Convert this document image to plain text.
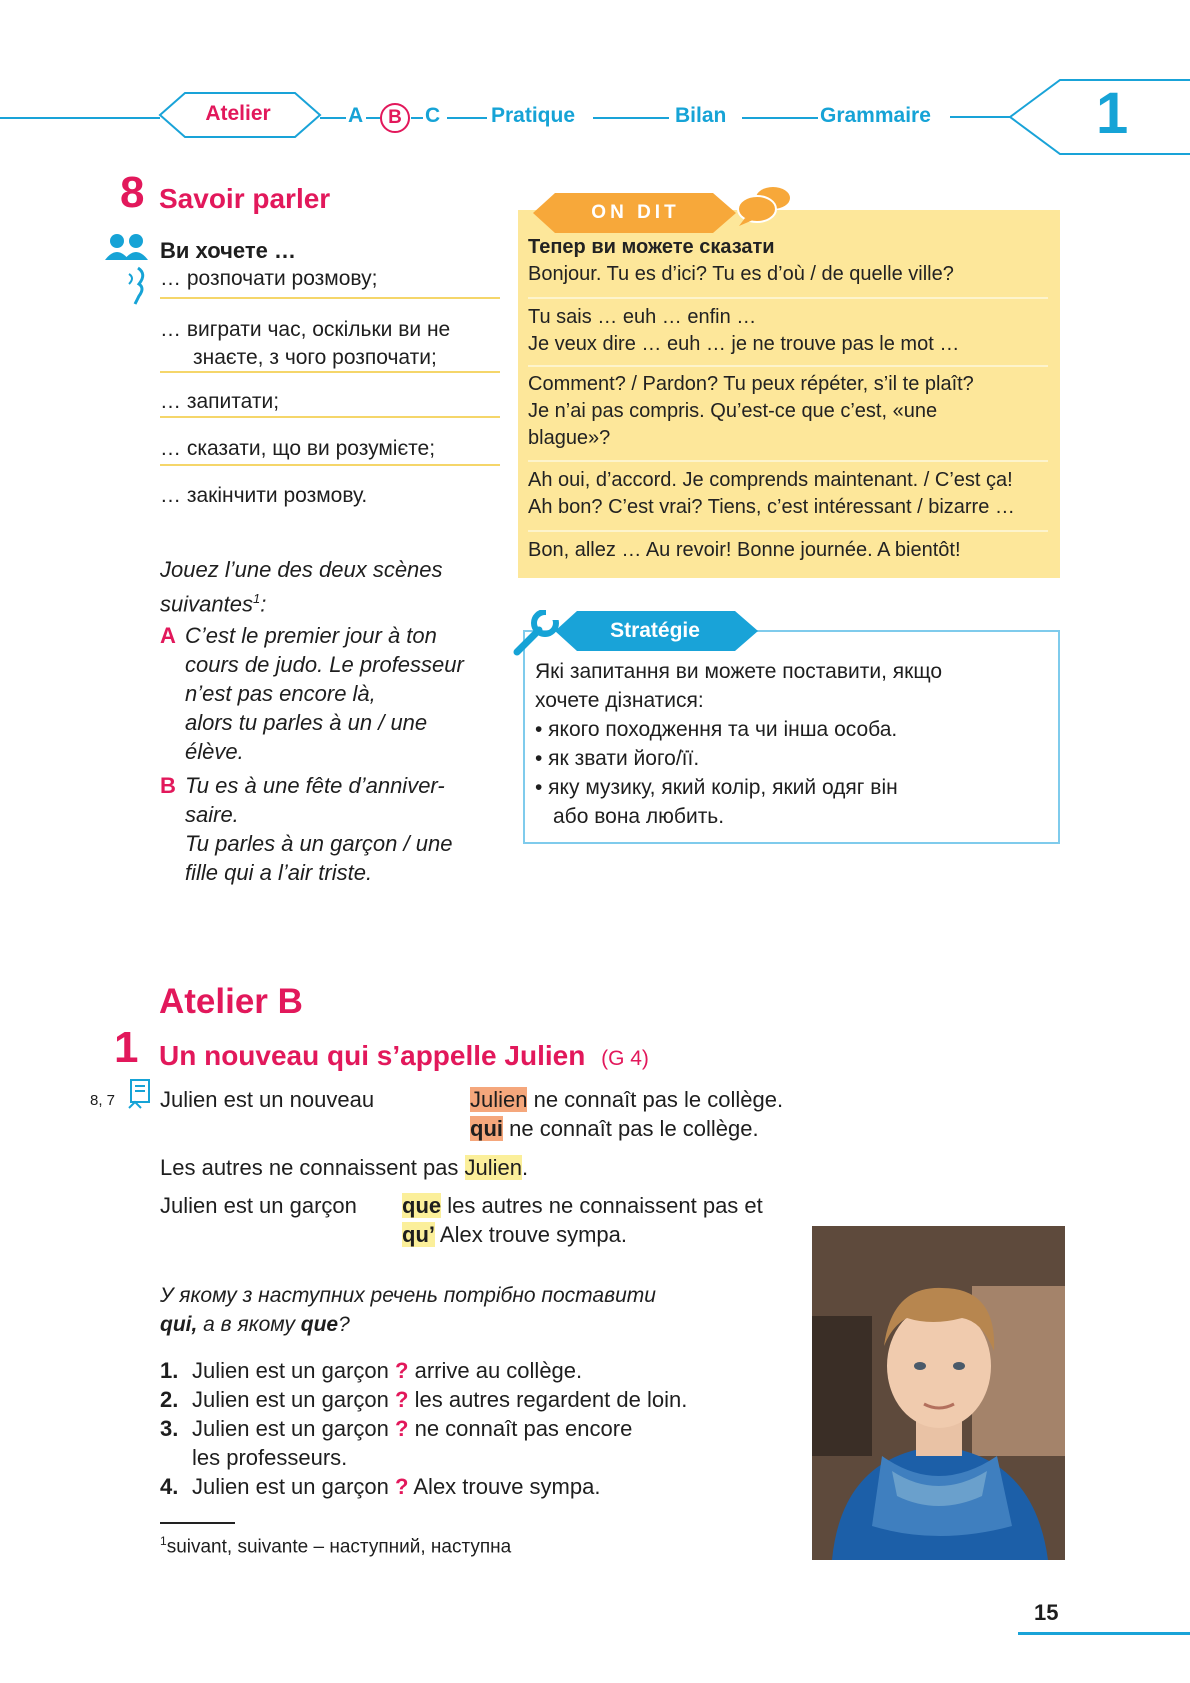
Atelier	A	B	C Pratique	Bilan	Grammaire	1
8 Savoir parler
Ви хочете …
… розпочати розмову;
… виграти час, оскільки ви не
знаєте, з чого розпочати;
… запитати;
… сказати, що ви розумієте;
… закінчити розмову.
Jouez l’une des deux scènes
suivantes$^1$:
A C’est le premier jour à ton
cours de judo. Le professeur
n’est pas encore là,
alors tu parles à un / une
élève.
B Tu es à une fête d’anniver-
saire.
Tu parles à un garçon / une
fille qui a l’air triste.
Тепер ви можете сказати
Bonjour. Tu es d’ici? Tu es d’où / de quelle ville?
Tu sais … euh … enfin …
Je veux dire … euh … je ne trouve pas le mot …
Comment? / Pardon? Tu peux répéter, s’il te plaît?
Je n’ai pas compris. Qu’est-ce que c’est, «une
blague»?
Ah oui, d’accord. Je comprends maintenant. / C’est ça!
Ah bon? C’est vrai? Tiens, c’est intéressant / bizarre …
Bon, allez … Au revoir! Bonne journée. A bientôt!
ON DIT
Stratégie
Які запитання ви можете поставити, якщо
хочете дізнатися:
• якого походження та чи інша особа.
• як звати його/її.
• яку музику, який колір, який одяг він
або вона любить.
Atelier B
1 Un nouveau qui s’appelle Julien (G 4)
8, 7 Julien est un nouveau	Julien ne connaît pas le collège.
qui ne connaît pas le collège.
Les autres ne connaissent pas Julien.
Julien est un garçon que les autres ne connaissent pas et
qu’ Alex trouve sympa.
У якому з наступних речень потрібно поставити
qui, а в якому que?
1. Julien est un garçon ? arrive au collège.
2. Julien est un garçon ? les autres regardent de loin.
3. Julien est un garçon ? ne connaît pas encore
les professeurs.
4. Julien est un garçon ? Alex trouve sympa.
$^1$suivant, suivante – наступний, наступна
15
